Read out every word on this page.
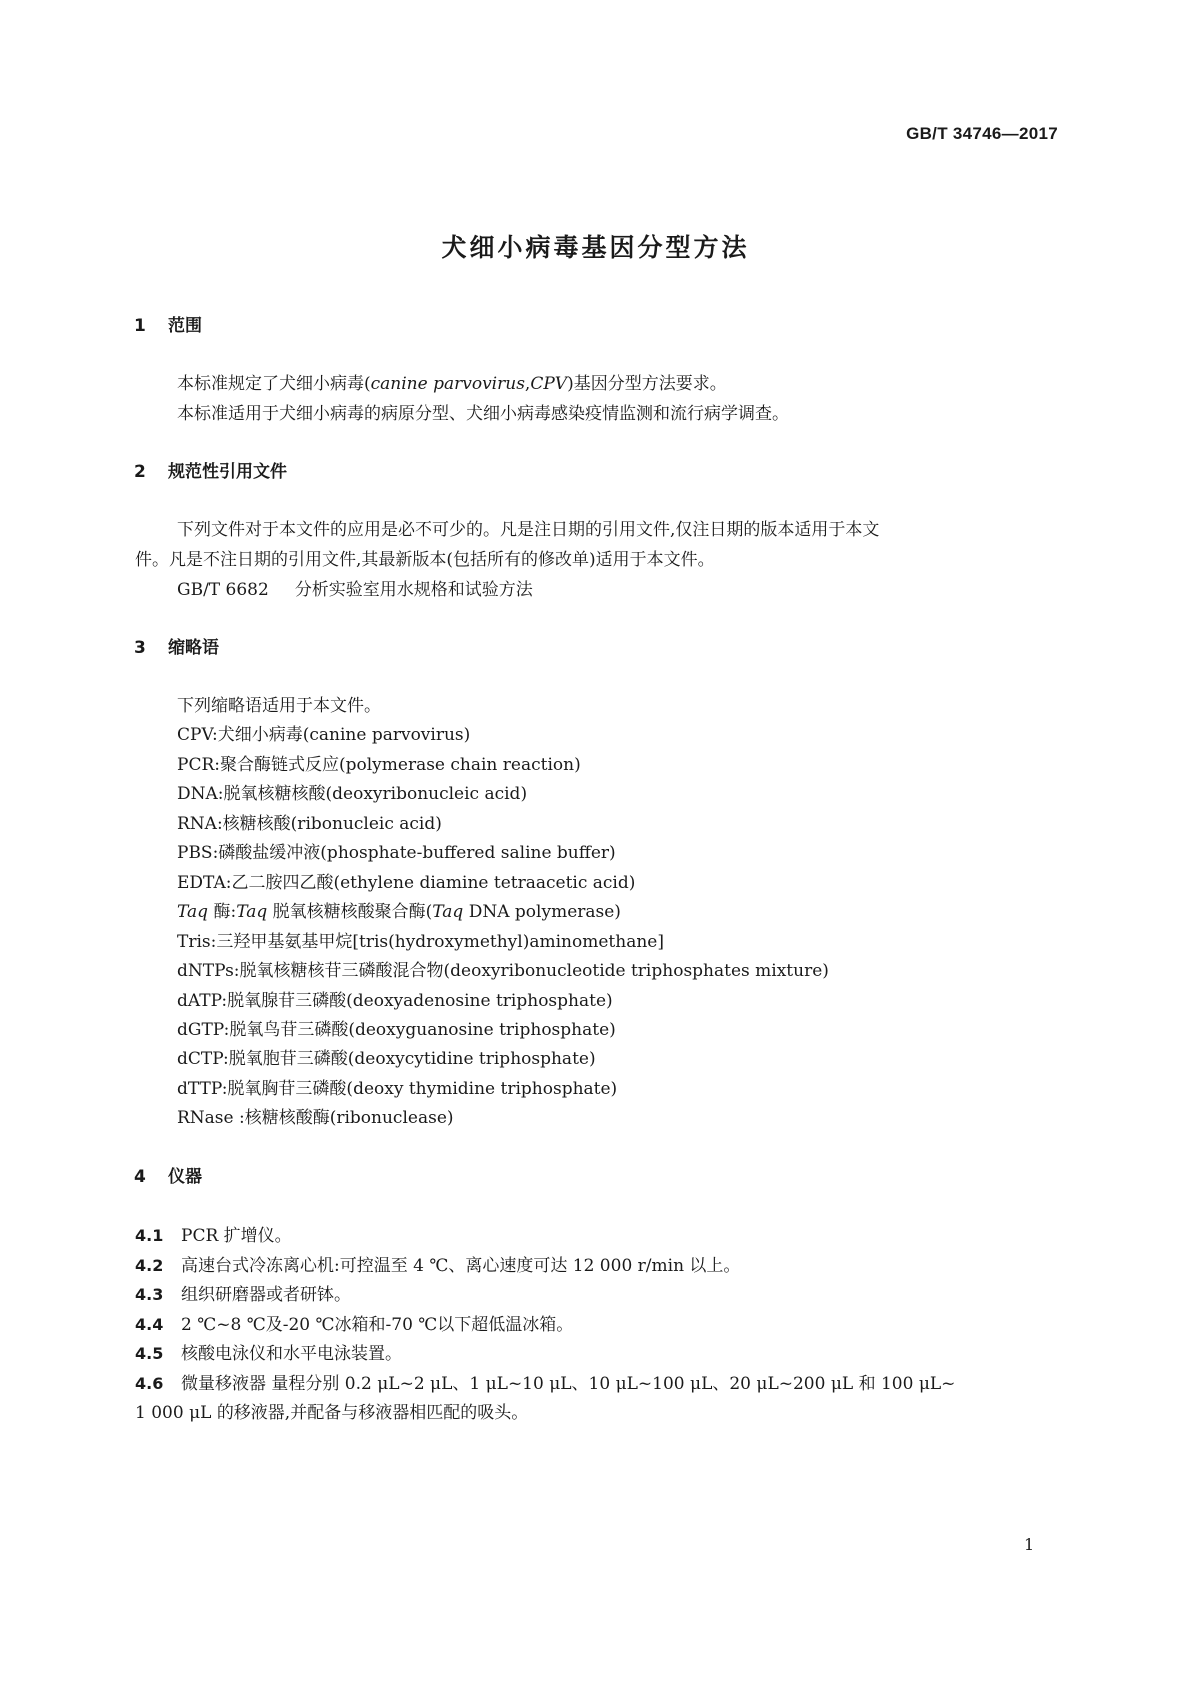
GB/T 34746—2017
犬细小病毒基因分型方法
1 范围
本标准规定了犬细小病毒(canine parvovirus,CPV)基因分型方法要求。
本标准适用于犬细小病毒的病原分型、犬细小病毒感染疫情监测和流行病学调查。
2 规范性引用文件
下列文件对于本文件的应用是必不可少的。凡是注日期的引用文件,仅注日期的版本适用于本文
件。凡是不注日期的引用文件,其最新版本(包括所有的修改单)适用于本文件。
GB/T 6682 分析实验室用水规格和试验方法
3 缩略语
下列缩略语适用于本文件。
CPV:犬细小病毒(canine parvovirus)
PCR:聚合酶链式反应(polymerase chain reaction)
DNA:脱氧核糖核酸(deoxyribonucleic acid)
RNA:核糖核酸(ribonucleic acid)
PBS:磷酸盐缓冲液(phosphate-buffered saline buffer)
EDTA:乙二胺四乙酸(ethylene diamine tetraacetic acid)
Taq 酶:Taq 脱氧核糖核酸聚合酶(Taq DNA polymerase)
Tris:三羟甲基氨基甲烷[tris(hydroxymethyl)aminomethane]
dNTPs:脱氧核糖核苷三磷酸混合物(deoxyribonucleotide triphosphates mixture)
dATP:脱氧腺苷三磷酸(deoxyadenosine triphosphate)
dGTP:脱氧鸟苷三磷酸(deoxyguanosine triphosphate)
dCTP:脱氧胞苷三磷酸(deoxycytidine triphosphate)
dTTP:脱氧胸苷三磷酸(deoxy thymidine triphosphate)
RNase :核糖核酸酶(ribonuclease)
4 仪器
4.1 PCR 扩增仪。
4.2 高速台式冷冻离心机:可控温至 4 ℃、离心速度可达 12 000 r/min 以上。
4.3 组织研磨器或者研钵。
4.4 2 ℃~8 ℃及-20 ℃冰箱和-70 ℃以下超低温冰箱。
4.5 核酸电泳仪和水平电泳装置。
4.6 微量移液器 量程分别 0.2 μL~2 μL、1 μL~10 μL、10 μL~100 μL、20 μL~200 μL 和 100 μL~
1 000 μL 的移液器,并配备与移液器相匹配的吸头。
1
